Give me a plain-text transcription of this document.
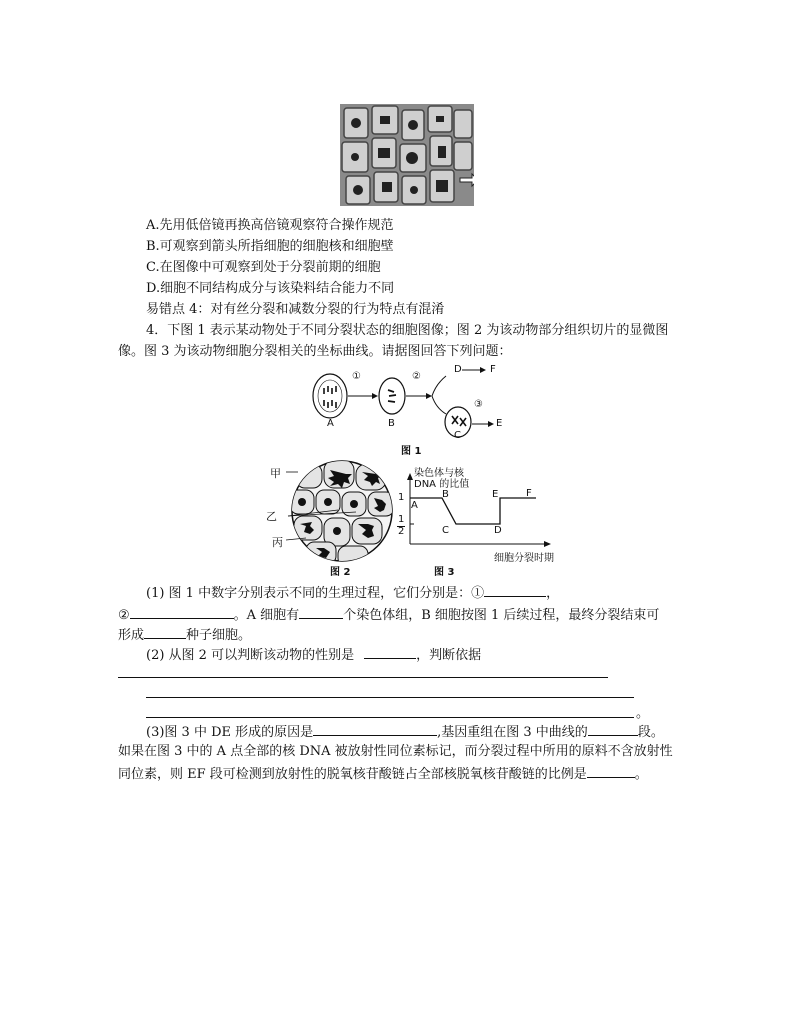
A.先用低倍镜再换高倍镜观察符合操作规范
B.可观察到箭头所指细胞的细胞核和细胞壁
C.在图像中可观察到处于分裂前期的细胞
D.细胞不同结构成分与该染料结合能力不同
易错点 4：对有丝分裂和减数分裂的行为特点有混淆
4．下图 1 表示某动物处于不同分裂状态的细胞图像；图 2 为该动物部分组织切片的显微图
像。图 3 为该动物细胞分裂相关的坐标曲线。请据图回答下列问题：
A	B
C
①	②
③
D	F
E
图 1
甲
乙
丙
图 2
染色体与核
DNA 的比值
1
1
2
A
B
C	D
E	F
细胞分裂时期
图 3
(1) 图 1 中数字分别表示不同的生理过程，它们分别是：①	，
②	。A 细胞有	个染色体组，B 细胞按图 1 后续过程，最终分裂结束可
形成	种子细胞。
(2) 从图 2 可以判断该动物的性别是	，判断依据
。
(3)图 3 中 DE 形成的原因是	,基因重组在图 3 中曲线的	段。
如果在图 3 中的 A 点全部的核 DNA 被放射性同位素标记，而分裂过程中所用的原料不含放射性
同位素，则 EF 段可检测到放射性的脱氧核苷酸链占全部核脱氧核苷酸链的比例是	。
